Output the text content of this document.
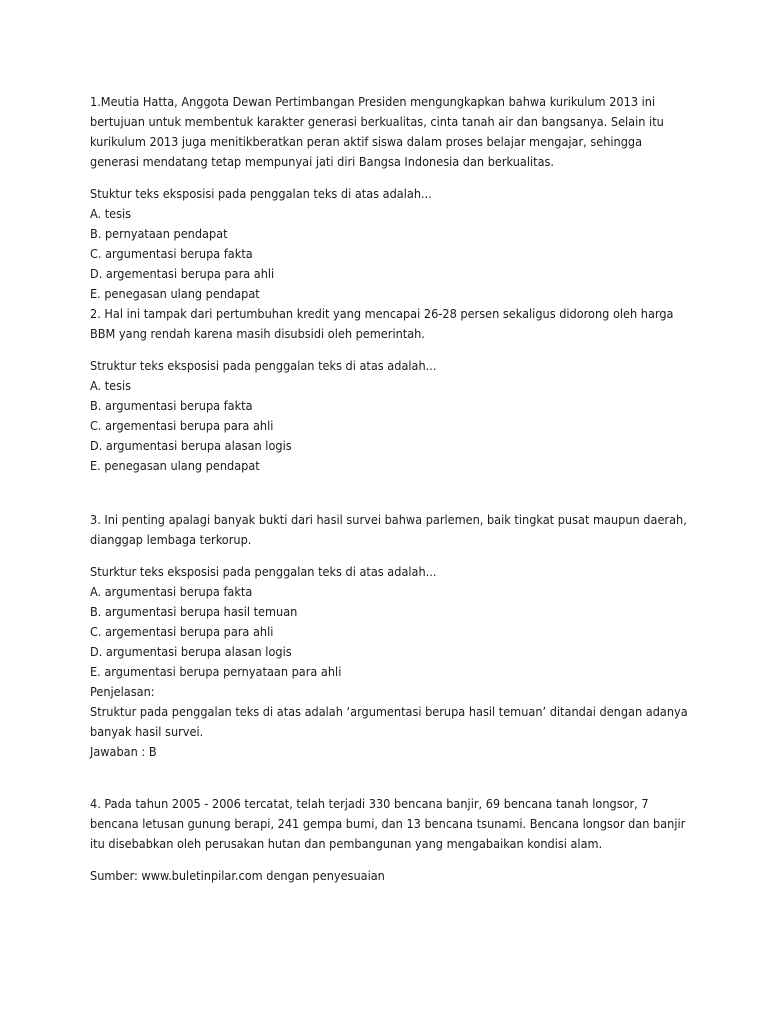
1.Meutia Hatta, Anggota Dewan Pertimbangan Presiden mengungkapkan bahwa kurikulum 2013 ini
bertujuan untuk membentuk karakter generasi berkualitas, cinta tanah air dan bangsanya. Selain itu
kurikulum 2013 juga menitikberatkan peran aktif siswa dalam proses belajar mengajar, sehingga
generasi mendatang tetap mempunyai jati diri Bangsa Indonesia dan berkualitas.
Stuktur teks eksposisi pada penggalan teks di atas adalah...
A. tesis
B. pernyataan pendapat
C. argumentasi berupa fakta
D. argementasi berupa para ahli
E. penegasan ulang pendapat
2. Hal ini tampak dari pertumbuhan kredit yang mencapai 26-28 persen sekaligus didorong oleh harga
BBM yang rendah karena masih disubsidi oleh pemerintah.
Struktur teks eksposisi pada penggalan teks di atas adalah...
A. tesis
B. argumentasi berupa fakta
C. argementasi berupa para ahli
D. argumentasi berupa alasan logis
E. penegasan ulang pendapat
3. Ini penting apalagi banyak bukti dari hasil survei bahwa parlemen, baik tingkat pusat maupun daerah,
dianggap lembaga terkorup.
Sturktur teks eksposisi pada penggalan teks di atas adalah...
A. argumentasi berupa fakta
B. argumentasi berupa hasil temuan
C. argementasi berupa para ahli
D. argumentasi berupa alasan logis
E. argumentasi berupa pernyataan para ahli
Penjelasan:
Struktur pada penggalan teks di atas adalah ‘argumentasi berupa hasil temuan’ ditandai dengan adanya
banyak hasil survei.
Jawaban : B
4. Pada tahun 2005 - 2006 tercatat, telah terjadi 330 bencana banjir, 69 bencana tanah longsor, 7
bencana letusan gunung berapi, 241 gempa bumi, dan 13 bencana tsunami. Bencana longsor dan banjir
itu disebabkan oleh perusakan hutan dan pembangunan yang mengabaikan kondisi alam.
Sumber: www.buletinpilar.com dengan penyesuaian
